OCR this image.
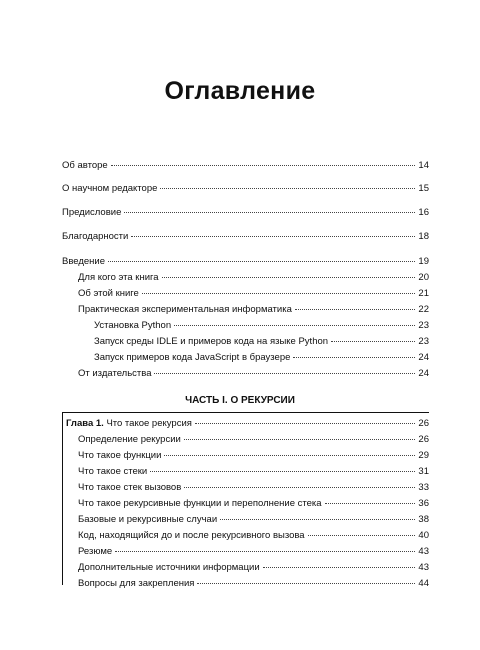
Оглавление
Об авторе	14
О научном редакторе	15
Предисловие	16
Благодарности	18
Введение	19
Для кого эта книга	20
Об этой книге	21
Практическая экспериментальная информатика	22
Установка Python	23
Запуск среды IDLE и примеров кода на языке Python	23
Запуск примеров кода JavaScript в браузере	24
От издательства	24
ЧАСТЬ I. О РЕКУРСИИ
Глава 1. Что такое рекурсия	26
Определение рекурсии	26
Что такое функции	29
Что такое стеки	31
Что такое стек вызовов	33
Что такое рекурсивные функции и переполнение стека	36
Базовые и рекурсивные случаи	38
Код, находящийся до и после рекурсивного вызова	40
Резюме	43
Дополнительные источники информации	43
Вопросы для закрепления	44
